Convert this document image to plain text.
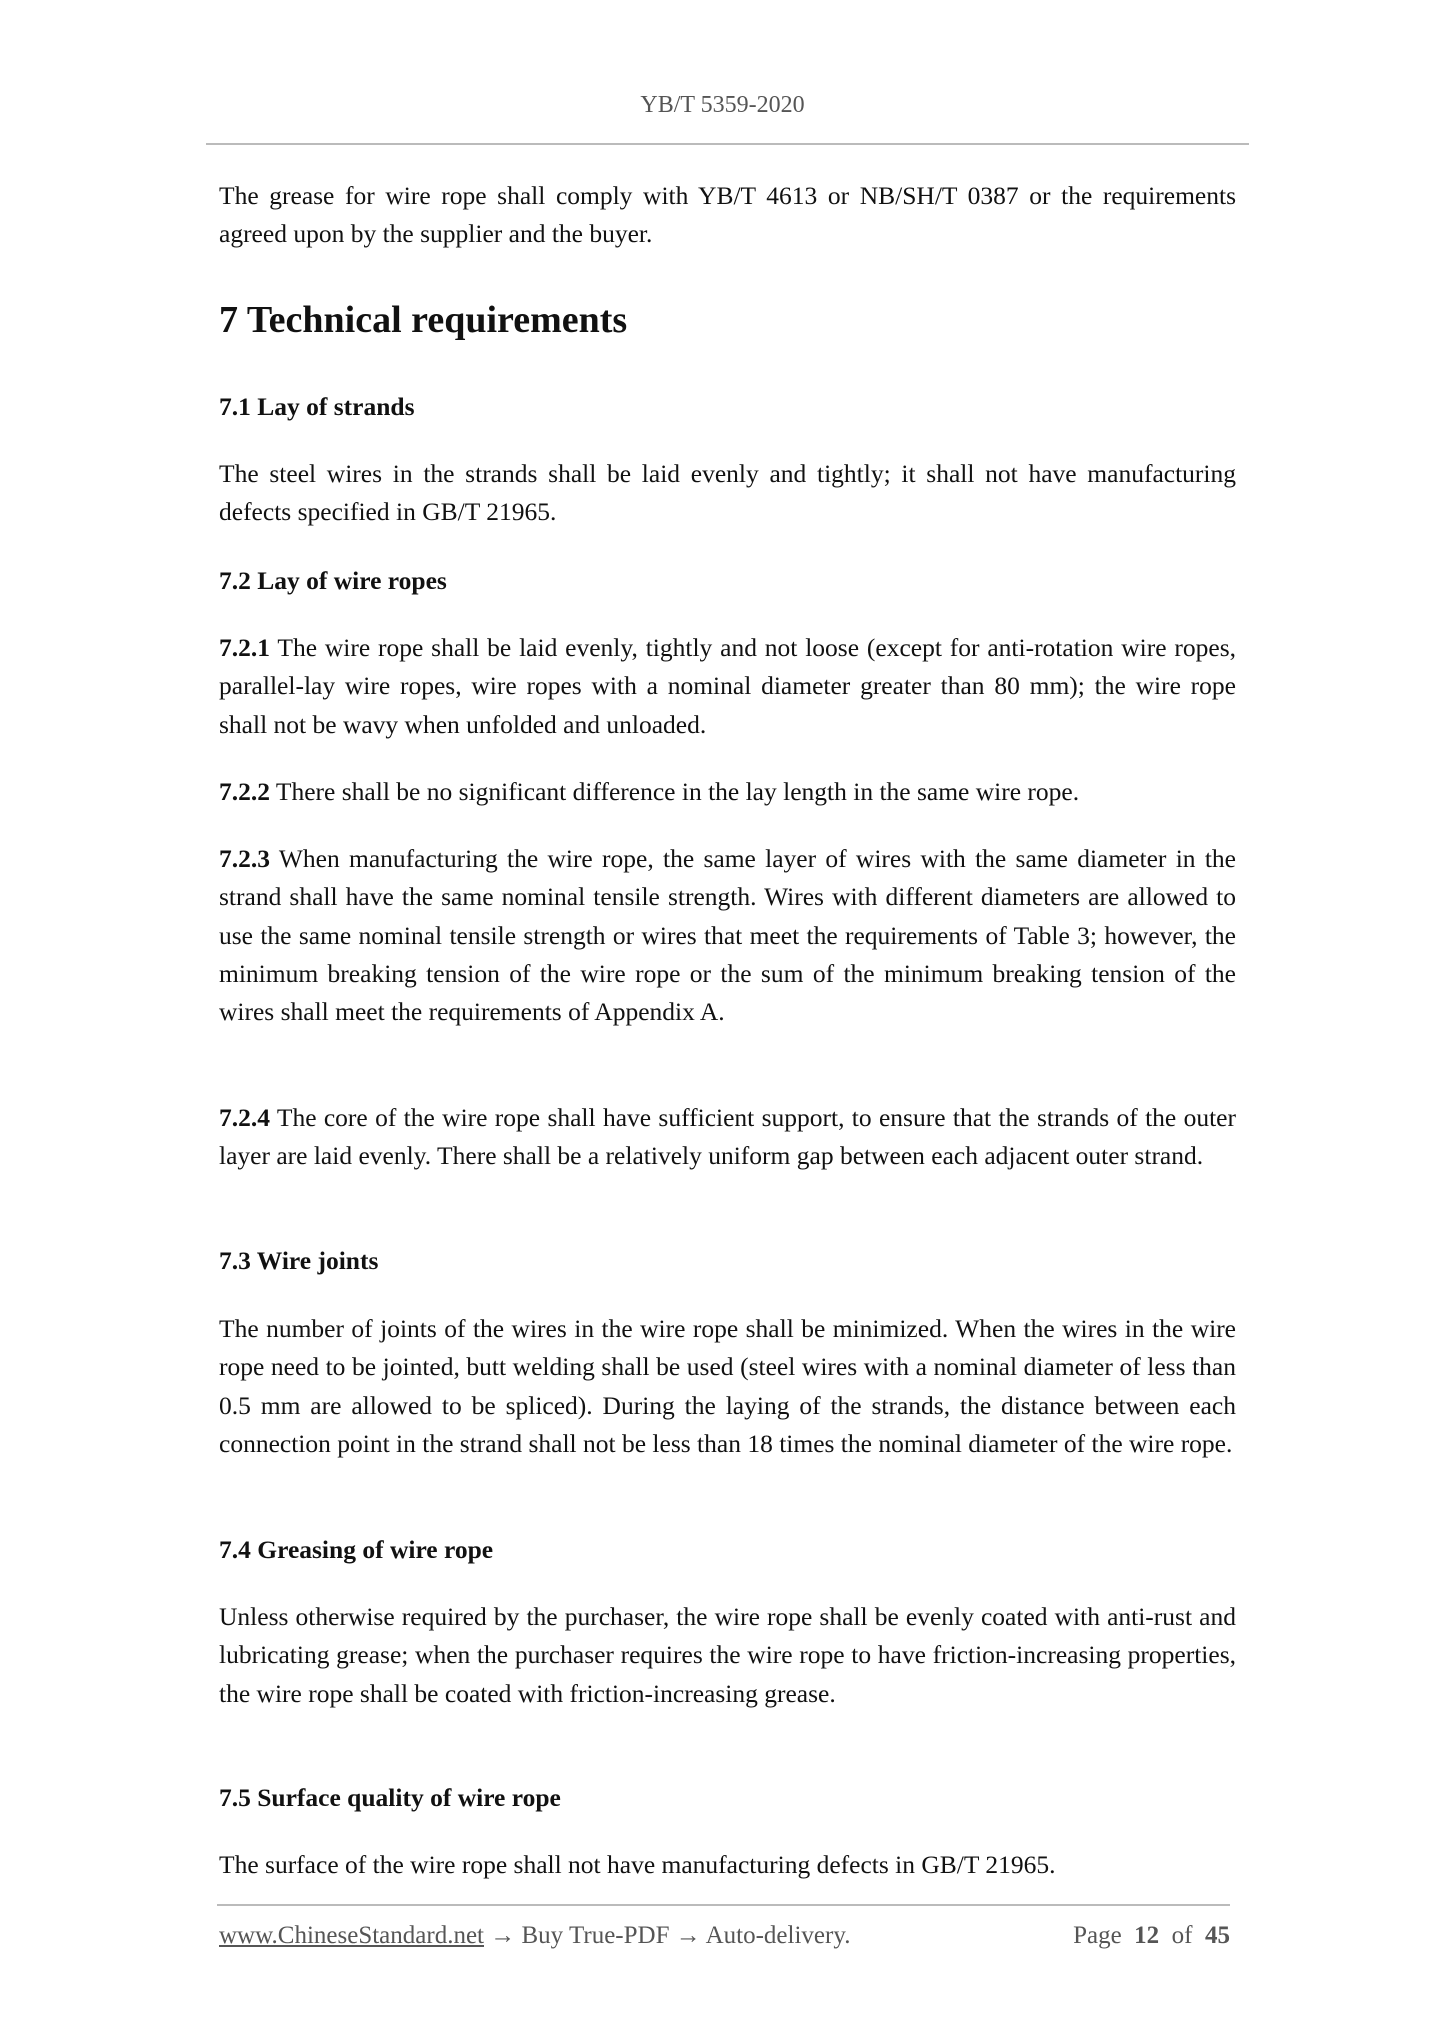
YB/T 5359-2020
The grease for wire rope shall comply with YB/T 4613 or NB/SH/T 0387 or the requirements agreed upon by the supplier and the buyer.
7 Technical requirements
7.1 Lay of strands
The steel wires in the strands shall be laid evenly and tightly; it shall not have manufacturing defects specified in GB/T 21965.
7.2 Lay of wire ropes
7.2.1 The wire rope shall be laid evenly, tightly and not loose (except for anti-rotation wire ropes, parallel-lay wire ropes, wire ropes with a nominal diameter greater than 80 mm); the wire rope shall not be wavy when unfolded and unloaded.
7.2.2 There shall be no significant difference in the lay length in the same wire rope.
7.2.3 When manufacturing the wire rope, the same layer of wires with the same diameter in the strand shall have the same nominal tensile strength. Wires with different diameters are allowed to use the same nominal tensile strength or wires that meet the requirements of Table 3; however, the minimum breaking tension of the wire rope or the sum of the minimum breaking tension of the wires shall meet the requirements of Appendix A.
7.2.4 The core of the wire rope shall have sufficient support, to ensure that the strands of the outer layer are laid evenly. There shall be a relatively uniform gap between each adjacent outer strand.
7.3 Wire joints
The number of joints of the wires in the wire rope shall be minimized. When the wires in the wire rope need to be jointed, butt welding shall be used (steel wires with a nominal diameter of less than 0.5 mm are allowed to be spliced). During the laying of the strands, the distance between each connection point in the strand shall not be less than 18 times the nominal diameter of the wire rope.
7.4 Greasing of wire rope
Unless otherwise required by the purchaser, the wire rope shall be evenly coated with anti-rust and lubricating grease; when the purchaser requires the wire rope to have friction-increasing properties, the wire rope shall be coated with friction-increasing grease.
7.5 Surface quality of wire rope
The surface of the wire rope shall not have manufacturing defects in GB/T 21965.
www.ChineseStandard.net → Buy True-PDF → Auto-delivery.	Page 12 of 45
